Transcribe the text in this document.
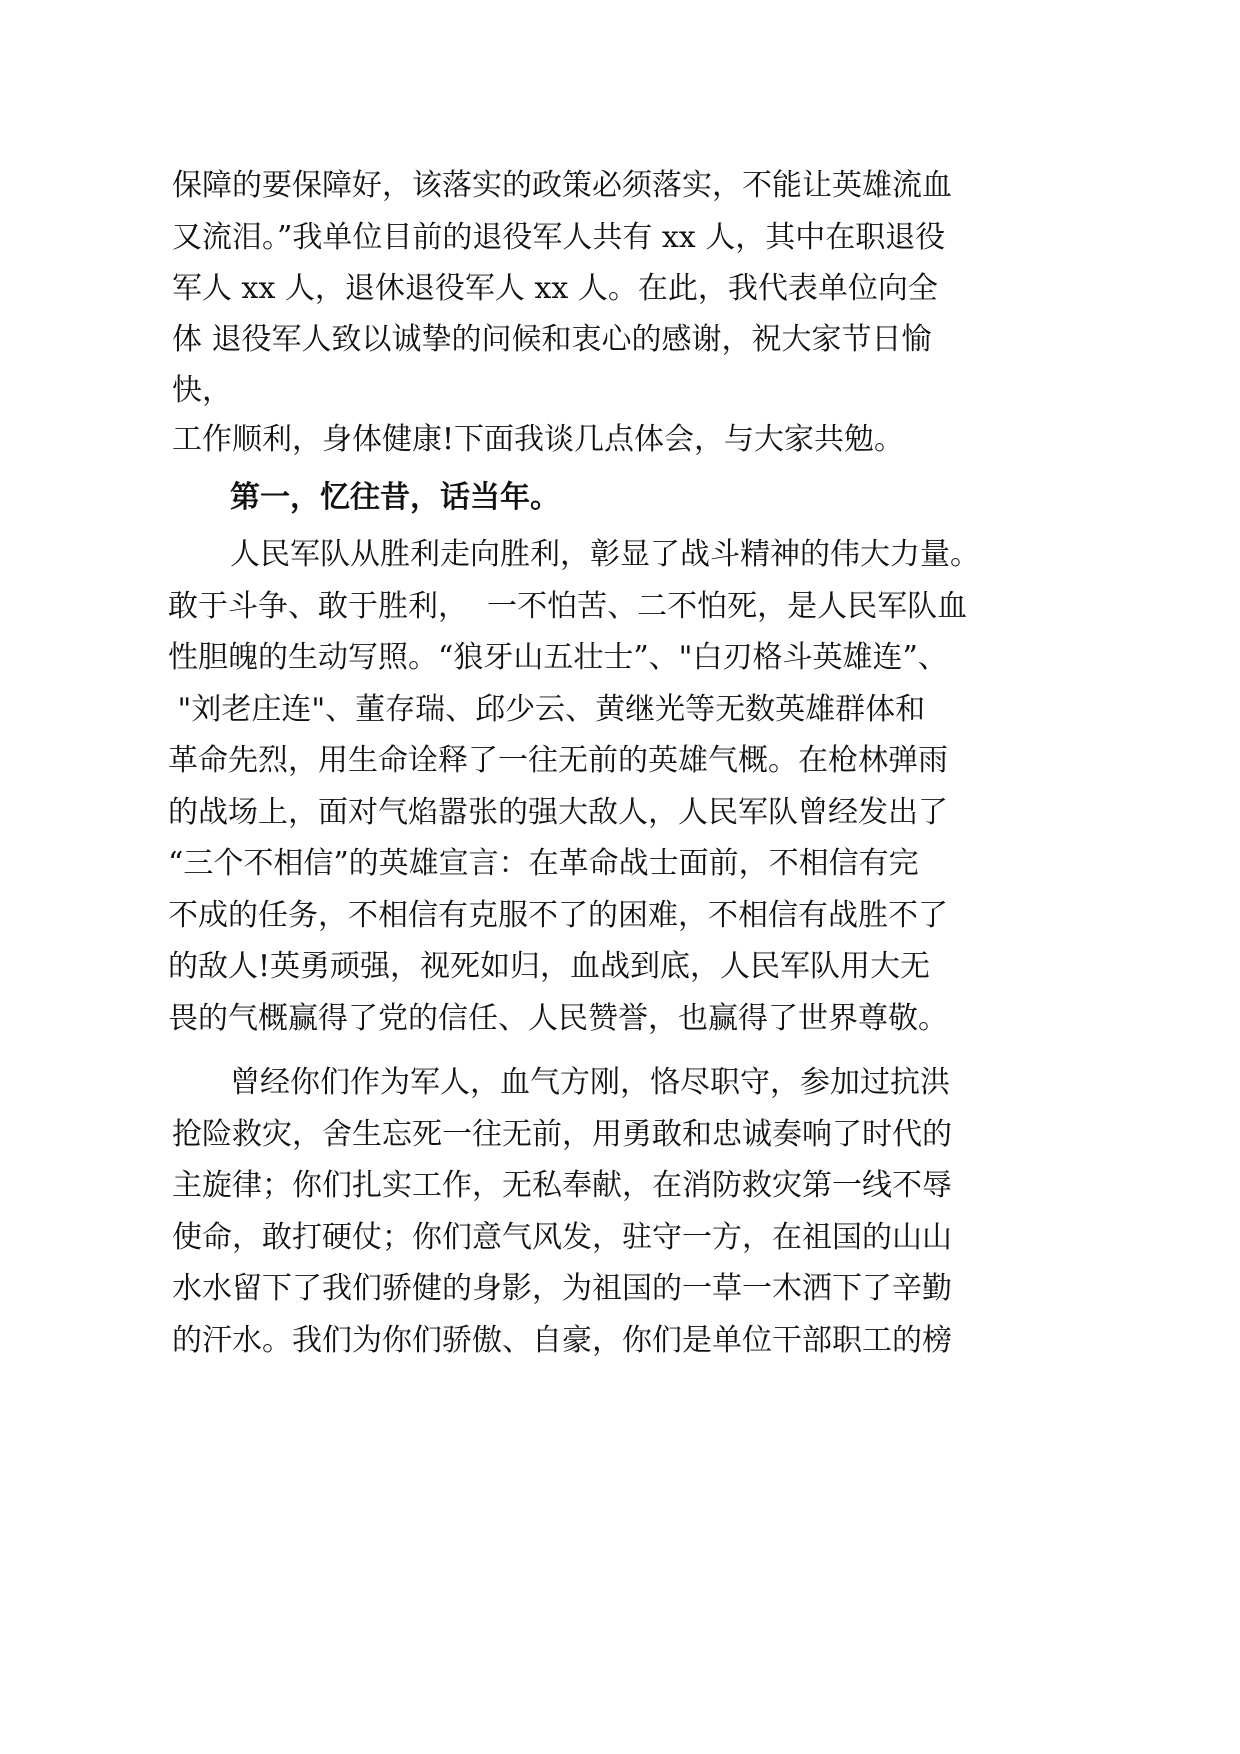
保障的要保障好，该落实的政策必须落实，不能让英雄流血

又流泪。”我单位目前的退役军人共有 xx 人，其中在职退役

军人 xx 人，退休退役军人 xx 人。在此，我代表单位向全

体 退役军人致以诚挚的问候和衷心的感谢，祝大家节日愉

快，

工作顺利，身体健康!下面我谈几点体会，与大家共勉。

第一，忆往昔，话当年。

人民军队从胜利走向胜利，彰显了战斗精神的伟大力量。

敢于斗争、敢于胜利，  一不怕苦、二不怕死，是人民军队血

性胆魄的生动写照。“狼牙山五壮士”、"白刃格斗英雄连”、

"刘老庄连"、董存瑞、邱少云、黄继光等无数英雄群体和

革命先烈，用生命诠释了一往无前的英雄气概。在枪林弹雨

的战场上，面对气焰嚣张的强大敌人，人民军队曾经发出了

“三个不相信”的英雄宣言：在革命战士面前，不相信有完

不成的任务，不相信有克服不了的困难，不相信有战胜不了

的敌人!英勇顽强，视死如归，血战到底，人民军队用大无

畏的气概赢得了党的信任、人民赞誉，也赢得了世界尊敬。

曾经你们作为军人，血气方刚，恪尽职守，参加过抗洪

抢险救灾，舍生忘死一往无前，用勇敢和忠诚奏响了时代的

主旋律；你们扎实工作，无私奉献，在消防救灾第一线不辱

使命，敢打硬仗；你们意气风发，驻守一方，在祖国的山山

水水留下了我们骄健的身影，为祖国的一草一木洒下了辛勤

的汗水。我们为你们骄傲、自豪，你们是单位干部职工的榜
